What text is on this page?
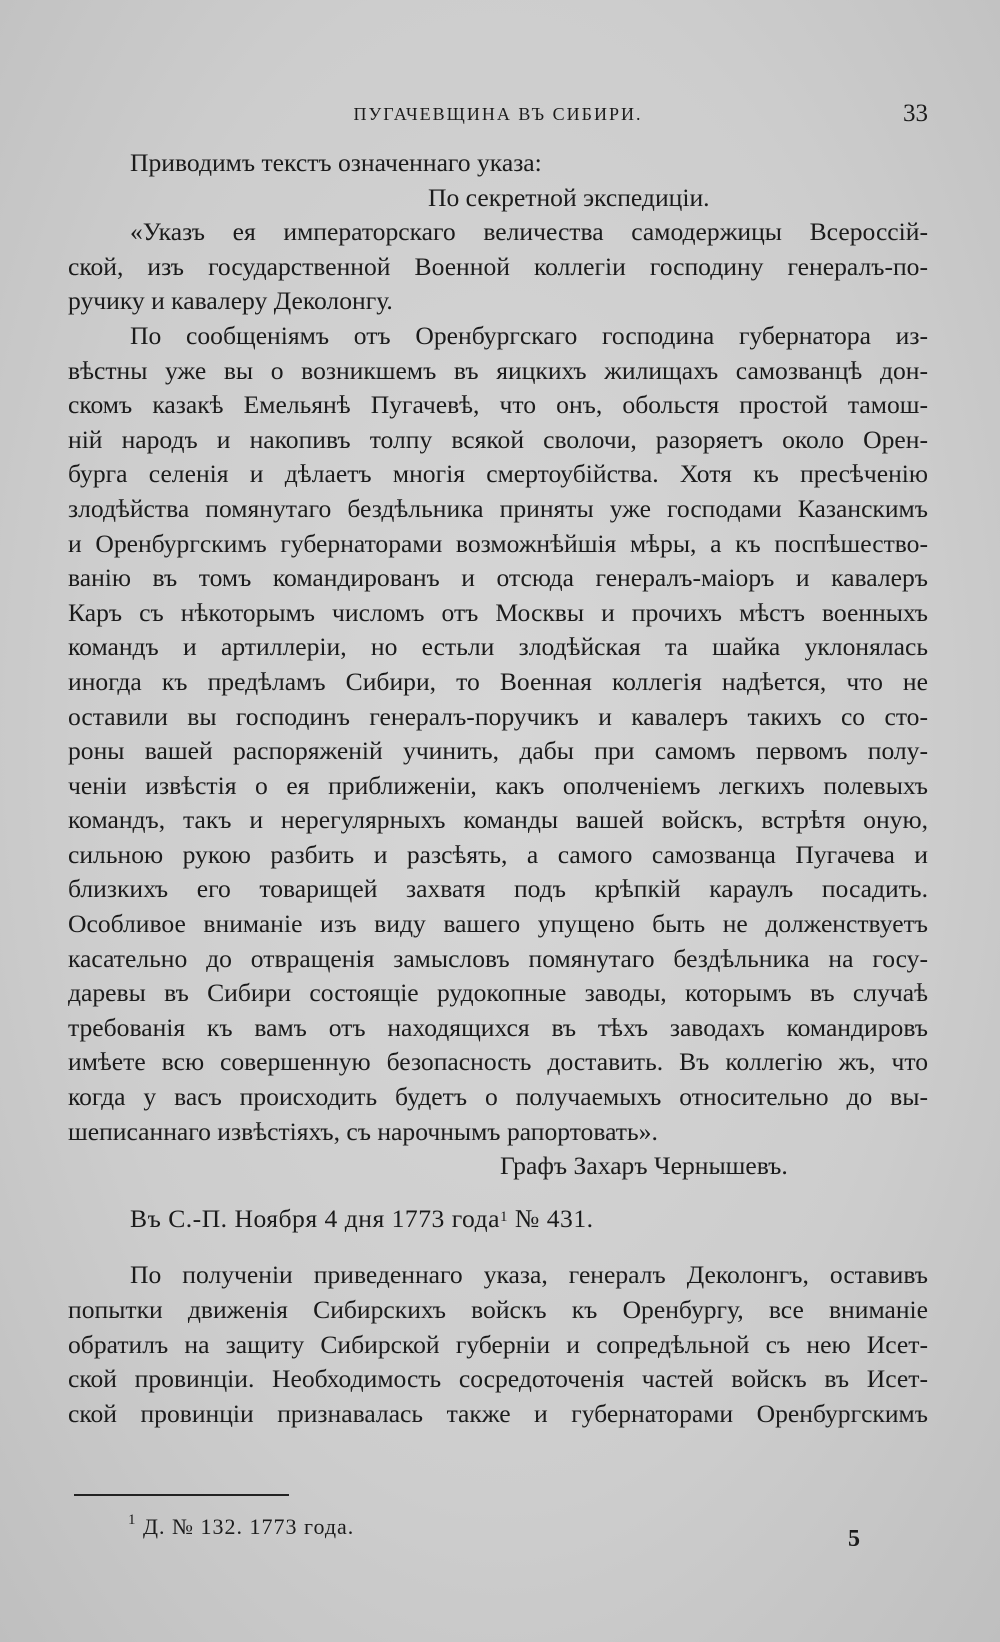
ПУГАЧЕВЩИНА ВЪ СИБИРИ.	33
Приводимъ текстъ означеннаго указа:
По секретной экспедиціи.
«Указъ ея императорскаго величества самодержицы Всероссій-
ской, изъ государственной Военной коллегіи господину генералъ-по-
ручику и кавалеру Деколонгу.
По сообщеніямъ отъ Оренбургскаго господина губернатора из-
вѣстны уже вы о возникшемъ въ яицкихъ жилищахъ самозванцѣ дон-
скомъ казакѣ Емельянѣ Пугачевѣ, что онъ, обольстя простой тамош-
ній народъ и накопивъ толпу всякой сволочи, разоряетъ около Орен-
бурга селенія и дѣлаетъ многія смертоубійства. Хотя къ пресѣченію
злодѣйства помянутаго бездѣльника приняты уже господами Казанскимъ
и Оренбургскимъ губернаторами возможнѣйшія мѣры, а къ поспѣшество-
ванію въ томъ командированъ и отсюда генералъ-маіоръ и кавалеръ
Каръ съ нѣкоторымъ числомъ отъ Москвы и прочихъ мѣстъ военныхъ
командъ и артиллеріи, но естьли злодѣйская та шайка уклонялась
иногда къ предѣламъ Сибири, то Военная коллегія надѣется, что не
оставили вы господинъ генералъ-поручикъ и кавалеръ такихъ со сто-
роны вашей распоряженій учинить, дабы при самомъ первомъ полу-
ченіи извѣстія о ея приближеніи, какъ ополченіемъ легкихъ полевыхъ
командъ, такъ и нерегулярныхъ команды вашей войскъ, встрѣтя оную,
сильною рукою разбить и разсѣять, а самого самозванца Пугачева и
близкихъ его товарищей захватя подъ крѣпкій караулъ посадить.
Особливое вниманіе изъ виду вашего упущено быть не долженствуетъ
касательно до отвращенія замысловъ помянутаго бездѣльника на госу-
даревы въ Сибири состоящіе рудокопные заводы, которымъ въ случаѣ
требованія къ вамъ отъ находящихся въ тѣхъ заводахъ командировъ
имѣете всю совершенную безопасность доставить. Въ коллегію жъ, что
когда у васъ происходить будетъ о получаемыхъ относительно до вы-
шеписаннаго извѣстіяхъ, съ нарочнымъ рапортовать».
Графъ Захаръ Чернышевъ.
Въ С.-П. Ноября 4 дня 1773 года$^1$ № 431.
По полученіи приведеннаго указа, генералъ Деколонгъ, оставивъ
попытки движенія Сибирскихъ войскъ къ Оренбургу, все вниманіе
обратилъ на защиту Сибирской губерніи и сопредѣльной съ нею Исет-
ской провинціи. Необходимость сосредоточенія частей войскъ въ Исет-
ской провинціи признавалась также и губернаторами Оренбургскимъ
$^1$ Д. № 132. 1773 года.	5
